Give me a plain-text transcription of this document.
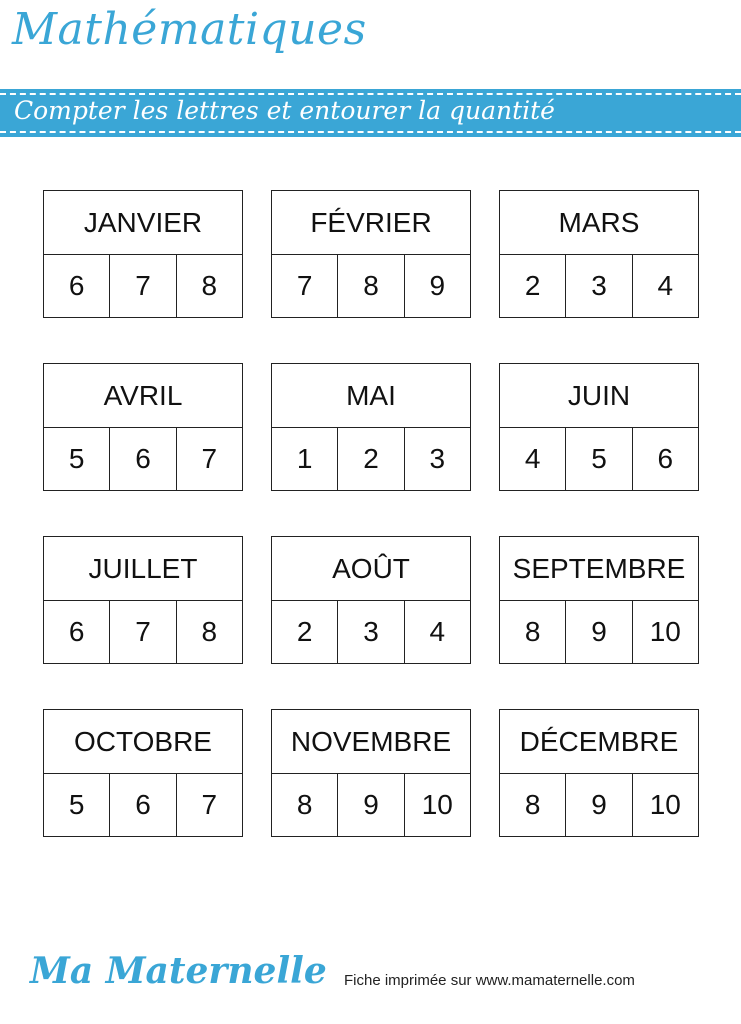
Mathématiques
Compter les lettres et entourer la quantité
JANVIER
6	7	8
FÉVRIER
7	8	9
MARS
2	3	4
AVRIL
5	6	7
MAI
1	2	3
JUIN
4	5	6
JUILLET
6	7	8
AOÛT
2	3	4
SEPTEMBRE
8	9	10
OCTOBRE
5	6	7
NOVEMBRE
8	9	10
DÉCEMBRE
8	9	10
Ma Maternelle Fiche imprimée sur www.mamaternelle.com
